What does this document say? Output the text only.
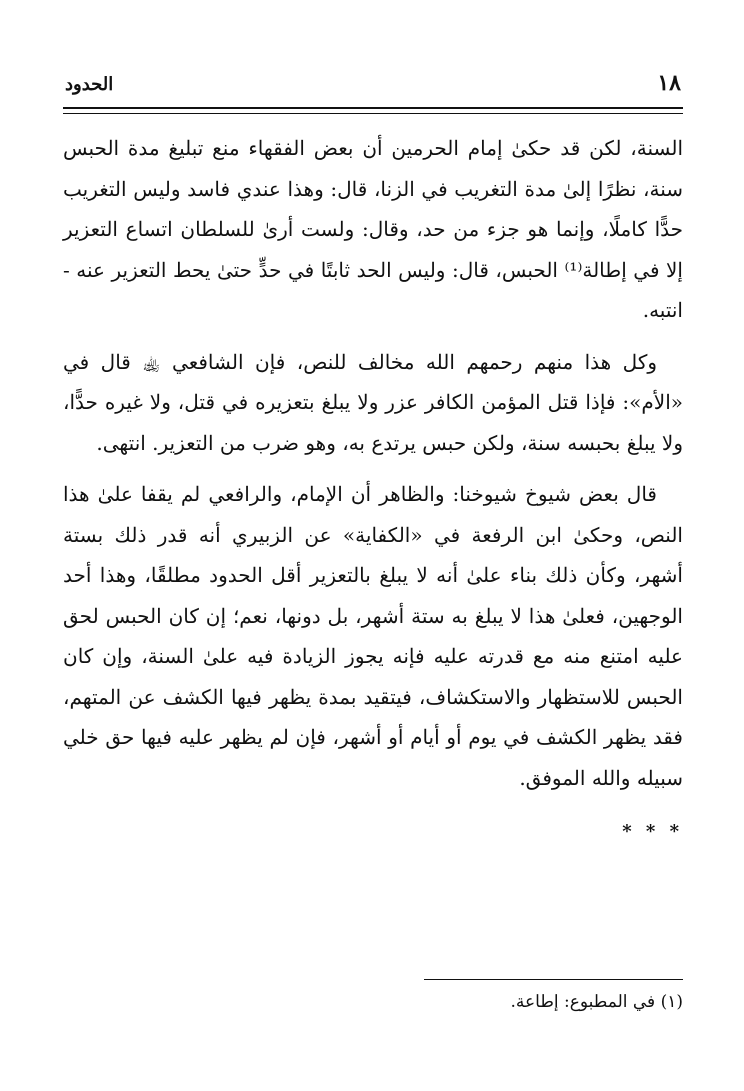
١٨
الحدود

السنة، لكن قد حكىٰ إمام الحرمين أن بعض الفقهاء منع تبليغ مدة الحبس سنة، نظرًا إلىٰ مدة التغريب في الزنا، قال: وهذا عندي فاسد وليس التغريب حدًّا كاملًا، وإنما هو جزء من حد، وقال: ولست أرىٰ للسلطان اتساع التعزير إلا في إطالة⁽¹⁾ الحبس، قال: وليس الحد ثابتًا في حدٍّ حتىٰ يحط التعزير عنه - انتبه.

وكل هذا منهم رحمهم الله مخالف للنص، فإن الشافعي ﵀ قال في «الأم»: فإذا قتل المؤمن الكافر عزر ولا يبلغ بتعزيره في قتل، ولا غيره حدًّا، ولا يبلغ بحبسه سنة، ولكن حبس يرتدع به، وهو ضرب من التعزير. انتهى.

قال بعض شيوخ شيوخنا: والظاهر أن الإمام، والرافعي لم يقفا علىٰ هذا النص، وحكىٰ ابن الرفعة في «الكفاية» عن الزبيري أنه قدر ذلك بستة أشهر، وكأن ذلك بناء علىٰ أنه لا يبلغ بالتعزير أقل الحدود مطلقًا، وهذا أحد الوجهين، فعلىٰ هذا لا يبلغ به ستة أشهر، بل دونها، نعم؛ إن كان الحبس لحق عليه امتنع منه مع قدرته عليه فإنه يجوز الزيادة فيه علىٰ السنة، وإن كان الحبس للاستظهار والاستكشاف، فيتقيد بمدة يظهر فيها الكشف عن المتهم، فقد يظهر الكشف في يوم أو أيام أو أشهر، فإن لم يظهر عليه فيها حق خلي سبيله والله الموفق.

* * *
(١) في المطبوع: إطاعة.
